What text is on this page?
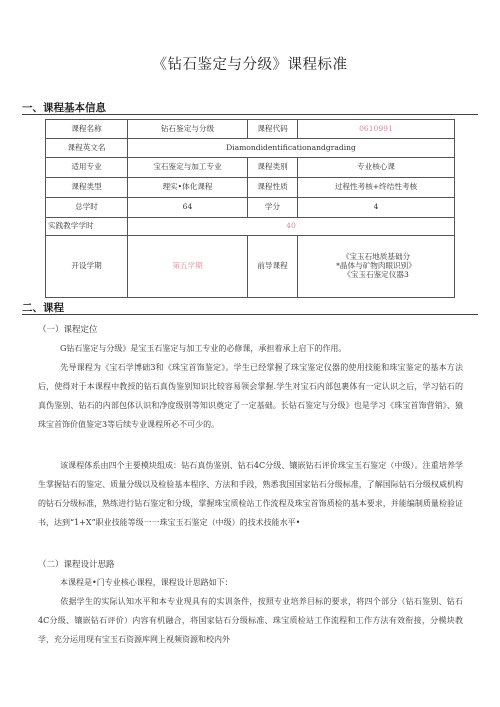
《钻石鉴定与分级》课程标准
一、课程基本信息
课程名称	钻石鉴定与分级	课程代码	0610991
课程英文名	Diamondidentificationandgrading		
适用专业	宝石鉴定与加工专业	课程类别	专业核心课
课程类型	理实•体化课程	课程性质	过程性考核+终结性考核
总学时	64	学分	4
实践教学学时	40		
开设学期	第五学期	前导课程	《宝玉石地质基础分
*晶体与矿物肉眼识别》
《宝玉石鉴定仪器3
二、课程
（一）课程定位
G钻石鉴定与分级》是宝玉石鉴定与加工专业的必修课，承担着承上启下的作用。
先导课程为《宝石学博础3和《珠宝首饰鉴定》。学生已经掌握了珠宝鉴定仪器的使用技能和珠宝鉴定的基本方法后，使得对于本课程中教授的钻石真伪鉴别知识比较容易领会掌握.学生对宝石内部包裹体有一定认识之后，学习钻石的真伪鉴别、钻石的内部包体认识和净度级别等知识奠定了一定基础。长钻石鉴定与分级》也是学习《珠宝首饰营销》、猿珠宝首饰价值鉴定3等后续专业课程所必不可少的。
该课程体系由四个主要模块组成：钻石真伪鉴别、钻石4C分级、镶嵌钻石评价珠宝玉石鉴定（中级）。注重培养学生掌握钻石的鉴定、质量分级以及检验基本程序、方法和手段，熟悉我国国家钻石分级标准，了解国际钻石分级权威机构的钻石分级标准，熟练进行钻石鉴定和分级，掌握珠宝质检站工作流程及珠宝首饰质检的基本要求，并能编制质量检验证书，达到“1+X”职业技能等级一一珠宝玉石鉴定（中级）的技术技能水平•
（二）课程设计思路
本课程是•门专业核心课程，课程设计思路如下：
依据学生的实际认知水平和本专业现具有的实训条件，按照专业培养目标的要求，将四个部分（钻石鉴别、钻石4C分级、镶嵌钻石评价）内容有机融合，将国家钻石分级标准、珠宝质检站工作流程和工作方法有效衔接，分模块教学，充分运用现有宝玉石资源库网上视频资源和校内外
